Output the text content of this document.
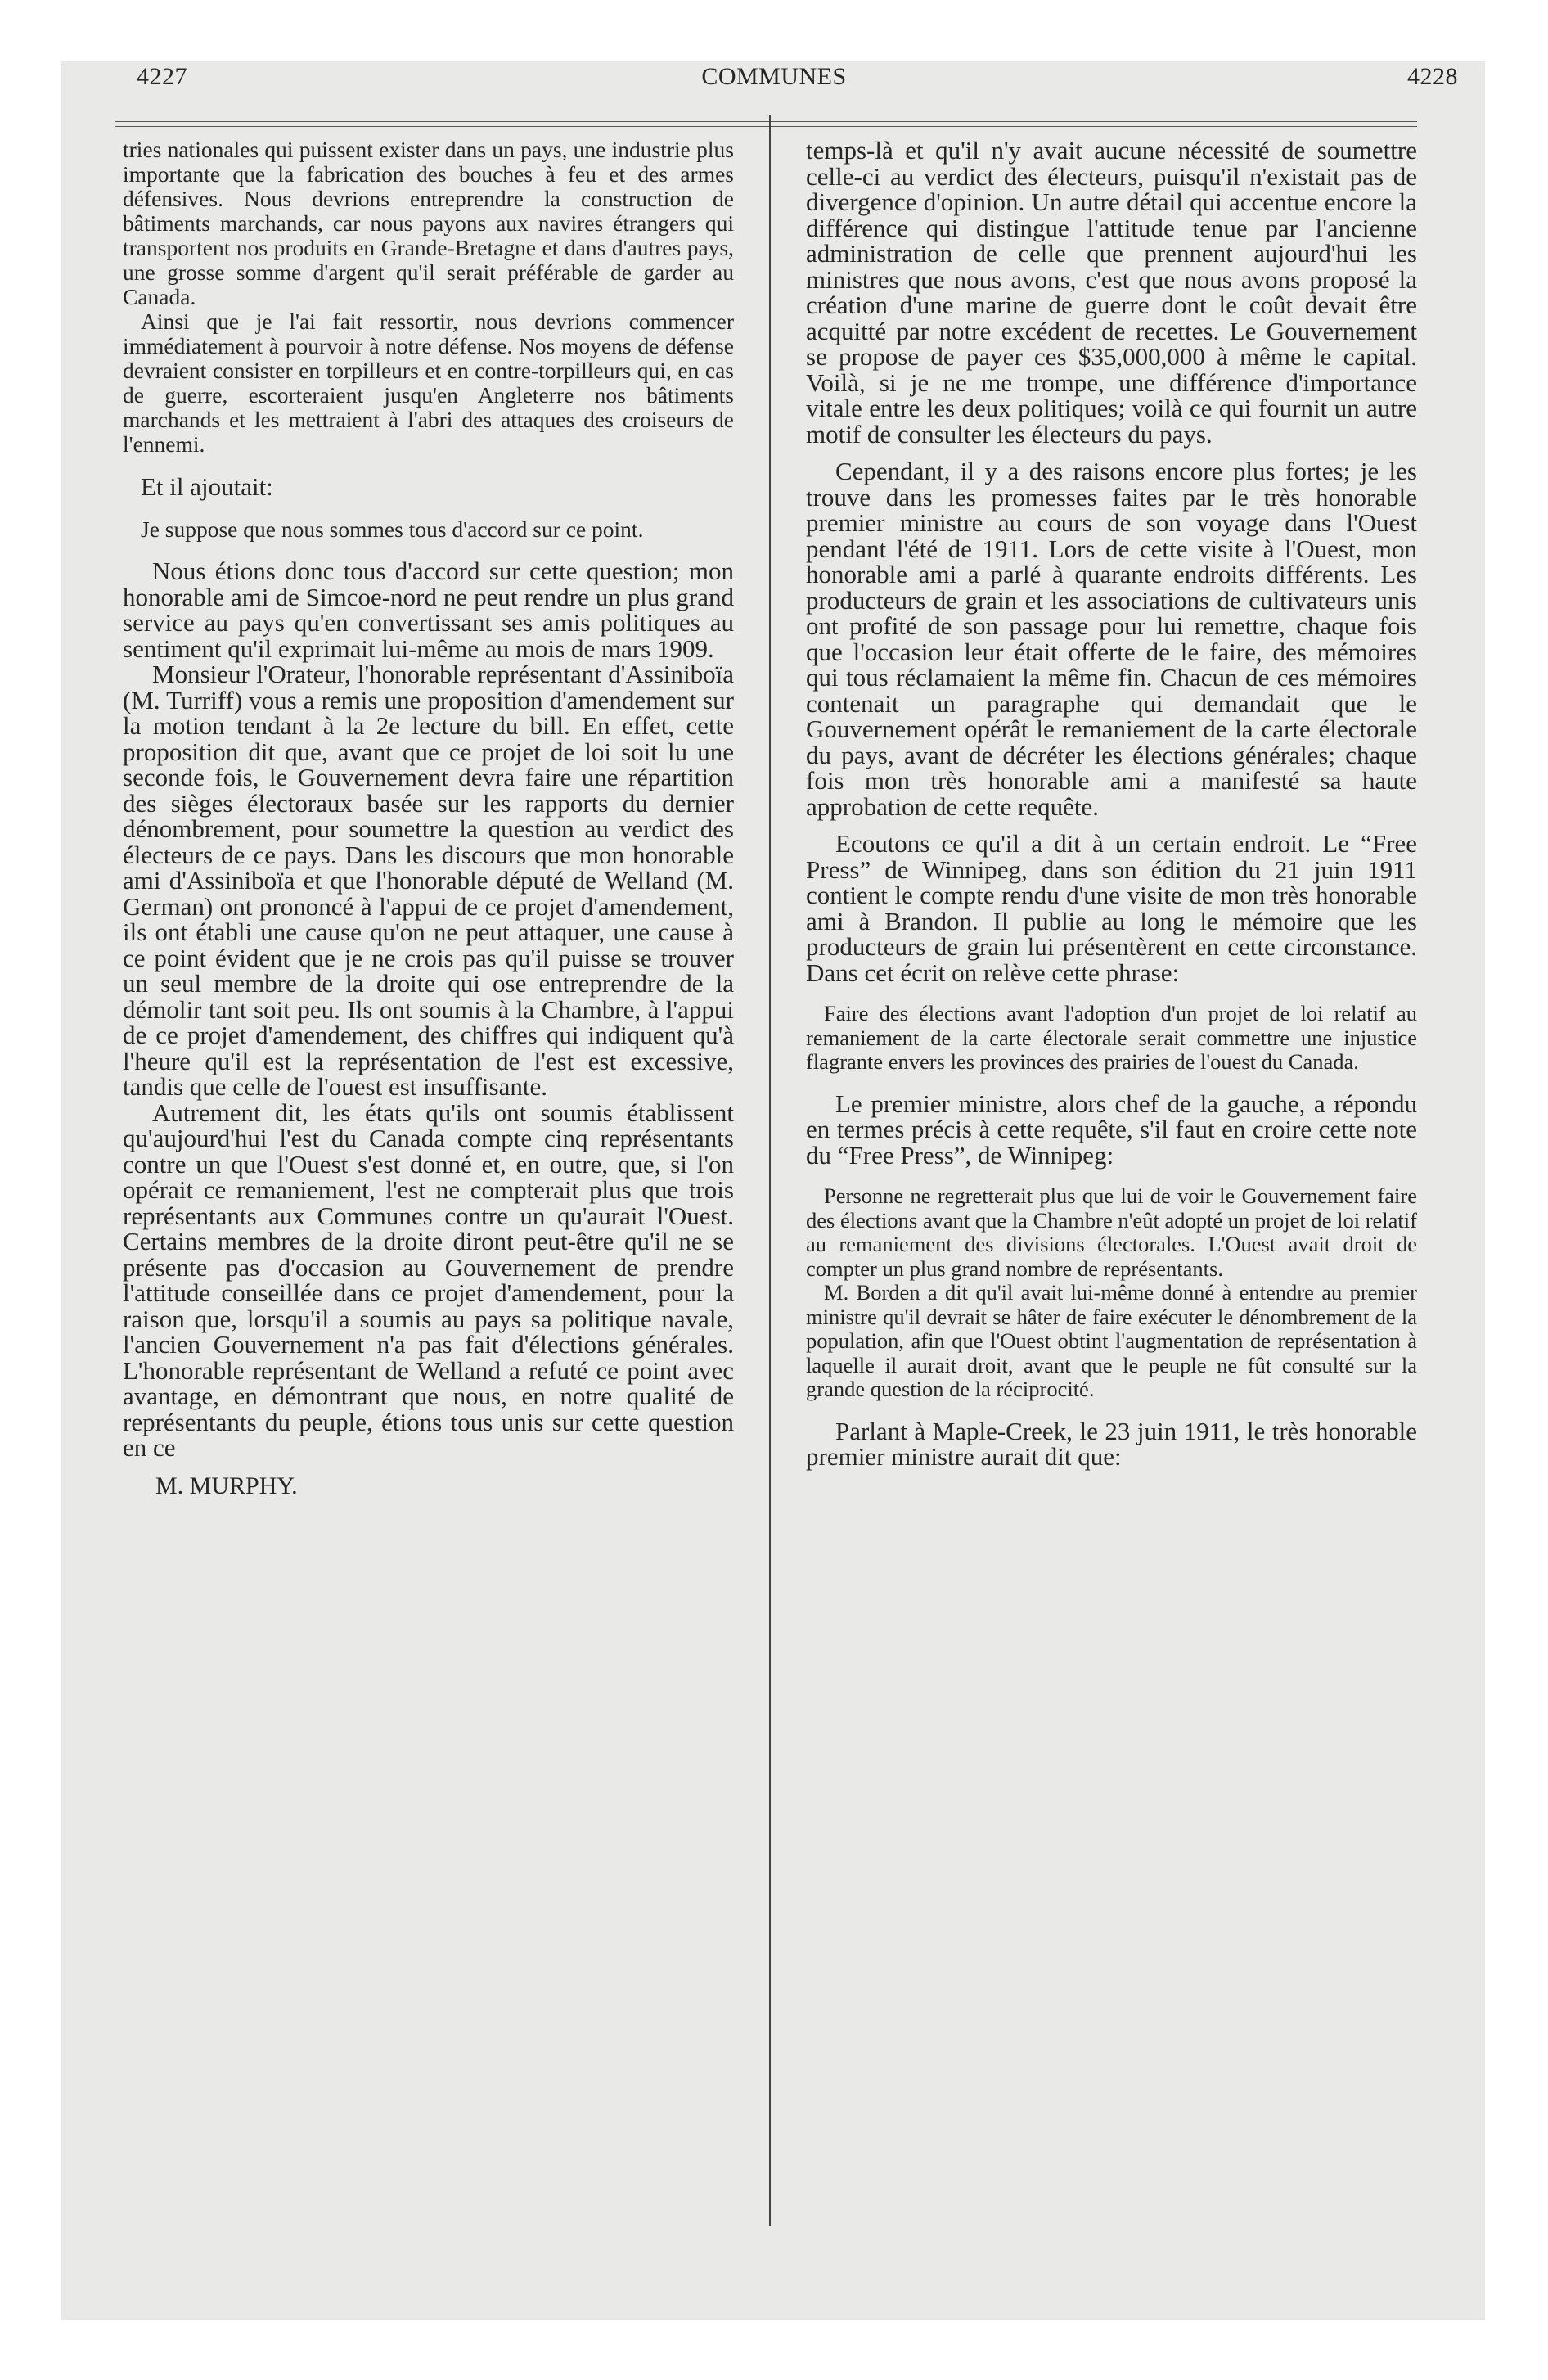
4227	COMMUNES	4228

tries nationales qui puissent exister dans un pays, une industrie plus importante que la fabrication des bouches à feu et des armes défensives. Nous devrions entreprendre la construction de bâtiments marchands, car nous payons aux navires étrangers qui transportent nos produits en Grande-Bretagne et dans d'autres pays, une grosse somme d'argent qu'il serait préférable de garder au Canada.

Ainsi que je l'ai fait ressortir, nous devrions commencer immédiatement à pourvoir à notre défense. Nos moyens de défense devraient consister en torpilleurs et en contre-torpilleurs qui, en cas de guerre, escorteraient jusqu'en Angleterre nos bâtiments marchands et les mettraient à l'abri des attaques des croiseurs de l'ennemi.

Et il ajoutait:

Je suppose que nous sommes tous d'accord sur ce point.

Nous étions donc tous d'accord sur cette question; mon honorable ami de Simcoe-nord ne peut rendre un plus grand service au pays qu'en convertissant ses amis politiques au sentiment qu'il exprimait lui-même au mois de mars 1909.

Monsieur l'Orateur, l'honorable représentant d'Assiniboïa (M. Turriff) vous a remis une proposition d'amendement sur la motion tendant à la 2e lecture du bill. En effet, cette proposition dit que, avant que ce projet de loi soit lu une seconde fois, le Gouvernement devra faire une répartition des sièges électoraux basée sur les rapports du dernier dénombrement, pour soumettre la question au verdict des électeurs de ce pays. Dans les discours que mon honorable ami d'Assiniboïa et que l'honorable député de Welland (M. German) ont prononcé à l'appui de ce projet d'amendement, ils ont établi une cause qu'on ne peut attaquer, une cause à ce point évident que je ne crois pas qu'il puisse se trouver un seul membre de la droite qui ose entreprendre de la démolir tant soit peu. Ils ont soumis à la Chambre, à l'appui de ce projet d'amendement, des chiffres qui indiquent qu'à l'heure qu'il est la représentation de l'est est excessive, tandis que celle de l'ouest est insuffisante.

Autrement dit, les états qu'ils ont soumis établissent qu'aujourd'hui l'est du Canada compte cinq représentants contre un que l'Ouest s'est donné et, en outre, que, si l'on opérait ce remaniement, l'est ne compterait plus que trois représentants aux Communes contre un qu'aurait l'Ouest. Certains membres de la droite diront peut-être qu'il ne se présente pas d'occasion au Gouvernement de prendre l'attitude conseillée dans ce projet d'amendement, pour la raison que, lorsqu'il a soumis au pays sa politique navale, l'ancien Gouvernement n'a pas fait d'élections générales. L'honorable représentant de Welland a refuté ce point avec avantage, en démontrant que nous, en notre qualité de représentants du peuple, étions tous unis sur cette question en ce

M. MURPHY.

temps-là et qu'il n'y avait aucune nécessité de soumettre celle-ci au verdict des électeurs, puisqu'il n'existait pas de divergence d'opinion. Un autre détail qui accentue encore la différence qui distingue l'attitude tenue par l'ancienne administration de celle que prennent aujourd'hui les ministres que nous avons, c'est que nous avons proposé la création d'une marine de guerre dont le coût devait être acquitté par notre excédent de recettes. Le Gouvernement se propose de payer ces $35,000,000 à même le capital. Voilà, si je ne me trompe, une différence d'importance vitale entre les deux politiques; voilà ce qui fournit un autre motif de consulter les électeurs du pays.

Cependant, il y a des raisons encore plus fortes; je les trouve dans les promesses faites par le très honorable premier ministre au cours de son voyage dans l'Ouest pendant l'été de 1911. Lors de cette visite à l'Ouest, mon honorable ami a parlé à quarante endroits différents. Les producteurs de grain et les associations de cultivateurs unis ont profité de son passage pour lui remettre, chaque fois que l'occasion leur était offerte de le faire, des mémoires qui tous réclamaient la même fin. Chacun de ces mémoires contenait un paragraphe qui demandait que le Gouvernement opérât le remaniement de la carte électorale du pays, avant de décréter les élections générales; chaque fois mon très honorable ami a manifesté sa haute approbation de cette requête.

Ecoutons ce qu'il a dit à un certain endroit. Le “Free Press” de Winnipeg, dans son édition du 21 juin 1911 contient le compte rendu d'une visite de mon très honorable ami à Brandon. Il publie au long le mémoire que les producteurs de grain lui présentèrent en cette circonstance. Dans cet écrit on relève cette phrase:

Faire des élections avant l'adoption d'un projet de loi relatif au remaniement de la carte électorale serait commettre une injustice flagrante envers les provinces des prairies de l'ouest du Canada.

Le premier ministre, alors chef de la gauche, a répondu en termes précis à cette requête, s'il faut en croire cette note du “Free Press”, de Winnipeg:

Personne ne regretterait plus que lui de voir le Gouvernement faire des élections avant que la Chambre n'eût adopté un projet de loi relatif au remaniement des divisions électorales. L'Ouest avait droit de compter un plus grand nombre de représentants.

M. Borden a dit qu'il avait lui-même donné à entendre au premier ministre qu'il devrait se hâter de faire exécuter le dénombrement de la population, afin que l'Ouest obtint l'augmentation de représentation à laquelle il aurait droit, avant que le peuple ne fût consulté sur la grande question de la réciprocité.

Parlant à Maple-Creek, le 23 juin 1911, le très honorable premier ministre aurait dit que:
